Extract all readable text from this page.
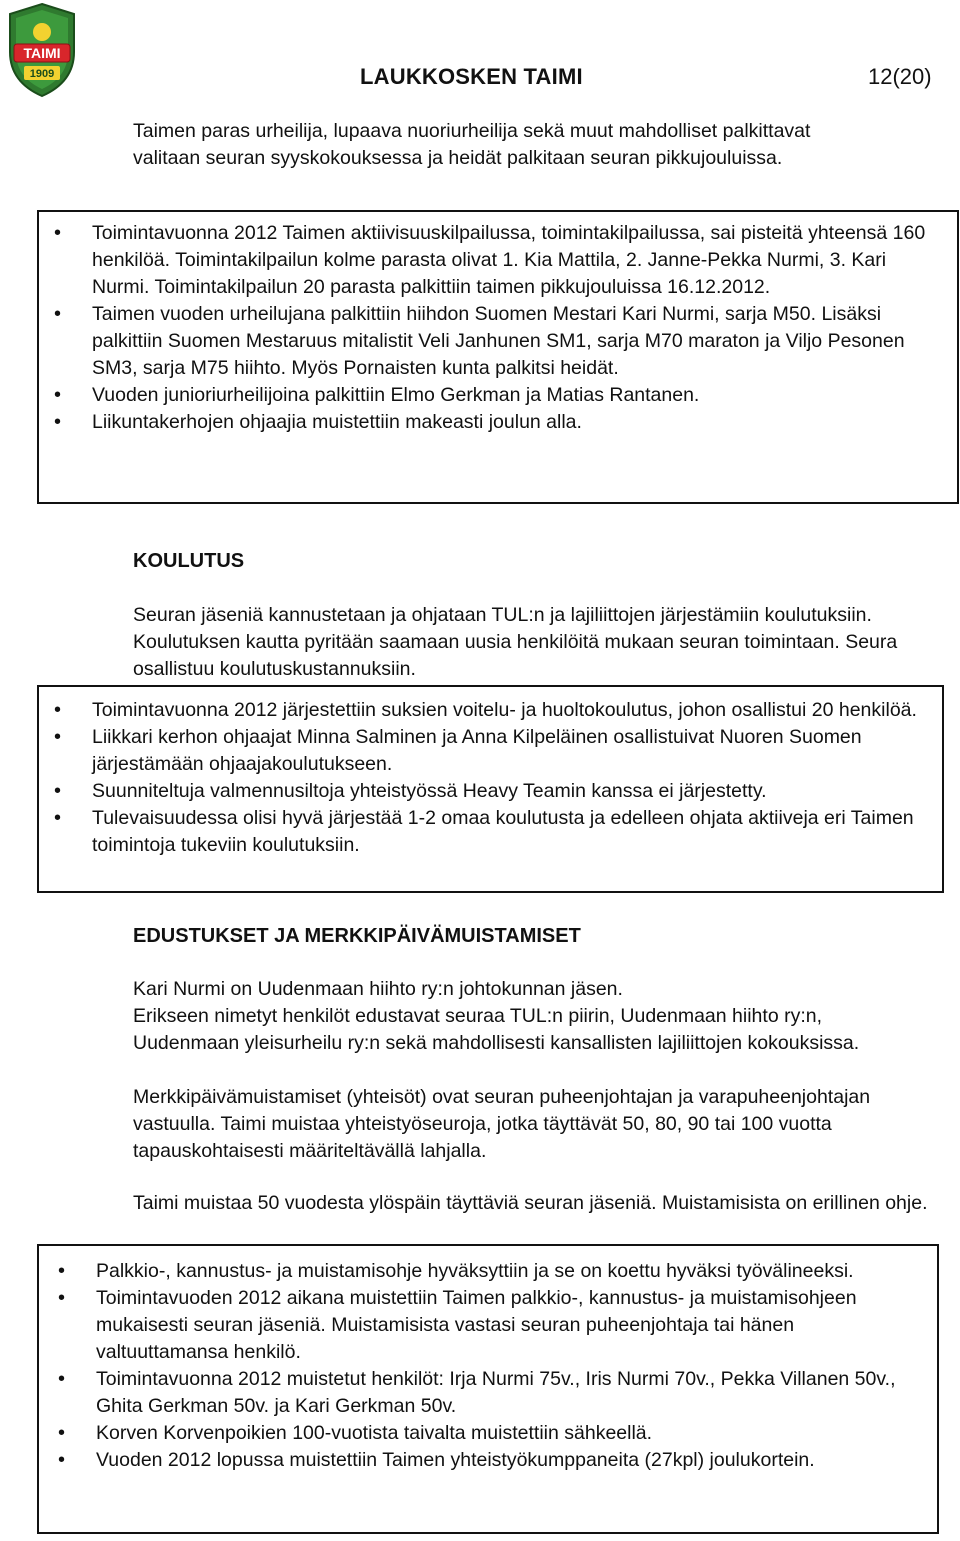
TAIMI
1909	LAUKKOSKEN TAIMI	12(20)

Taimen paras urheilija, lupaava nuoriurheilija sekä muut mahdolliset palkittavat valitaan seuran syyskokouksessa ja heidät palkitaan seuran pikkujouluissa.

• Toimintavuonna 2012 Taimen aktiivisuuskilpailussa, toimintakilpailussa, sai pisteitä yhteensä 160 henkilöä. Toimintakilpailun kolme parasta olivat 1. Kia Mattila, 2. Janne-Pekka Nurmi, 3. Kari Nurmi. Toimintakilpailun 20 parasta palkittiin taimen pikkujouluissa 16.12.2012.
• Taimen vuoden urheilujana palkittiin hiihdon Suomen Mestari Kari Nurmi, sarja M50. Lisäksi palkittiin Suomen Mestaruus mitalistit Veli Janhunen SM1, sarja M70 maraton ja Viljo Pesonen SM3, sarja M75 hiihto. Myös Pornaisten kunta palkitsi heidät.
• Vuoden junioriurheilijoina palkittiin Elmo Gerkman ja Matias Rantanen.
• Liikuntakerhojen ohjaajia muistettiin makeasti joulun alla.
KOULUTUS

Seuran jäseniä kannustetaan ja ohjataan TUL:n ja lajiliittojen järjestämiin koulutuksiin. Koulutuksen kautta pyritään saamaan uusia henkilöitä mukaan seuran toimintaan. Seura osallistuu koulutuskustannuksiin.

• Toimintavuonna 2012 järjestettiin suksien voitelu- ja huoltokoulutus, johon osallistui 20 henkilöä.
• Liikkari kerhon ohjaajat Minna Salminen ja Anna Kilpeläinen osallistuivat Nuoren Suomen järjestämään ohjaajakoulutukseen.
• Suunniteltuja valmennusiltoja yhteistyössä Heavy Teamin kanssa ei järjestetty.
• Tulevaisuudessa olisi hyvä järjestää 1-2 omaa koulutusta ja edelleen ohjata aktiiveja eri Taimen toimintoja tukeviin koulutuksiin.
EDUSTUKSET JA MERKKIPÄIVÄMUISTAMISET

Kari Nurmi on Uudenmaan hiihto ry:n johtokunnan jäsen.

Erikseen nimetyt henkilöt edustavat seuraa TUL:n piirin, Uudenmaan hiihto ry:n, Uudenmaan yleisurheilu ry:n sekä mahdollisesti kansallisten lajiliittojen kokouksissa.

Merkkipäivämuistamiset (yhteisöt) ovat seuran puheenjohtajan ja varapuheenjohtajan vastuulla. Taimi muistaa yhteistyöseuroja, jotka täyttävät 50, 80, 90 tai 100 vuotta tapauskohtaisesti määriteltävällä lahjalla.

Taimi muistaa 50 vuodesta ylöspäin täyttäviä seuran jäseniä. Muistamisista on erillinen ohje.

• Palkkio-, kannustus- ja muistamisohje hyväksyttiin ja se on koettu hyväksi työvälineeksi.
• Toimintavuoden 2012 aikana muistettiin Taimen palkkio-, kannustus- ja muistamisohjeen mukaisesti seuran jäseniä. Muistamisista vastasi seuran puheenjohtaja tai hänen valtuuttamansa henkilö.
• Toimintavuonna 2012 muistetut henkilöt: Irja Nurmi 75v., Iris Nurmi 70v., Pekka Villanen 50v., Ghita Gerkman 50v. ja Kari Gerkman 50v.
• Korven Korvenpoikien 100-vuotista taivalta muistettiin sähkeellä.
• Vuoden 2012 lopussa muistettiin Taimen yhteistyökumppaneita (27kpl) joulukortein.
